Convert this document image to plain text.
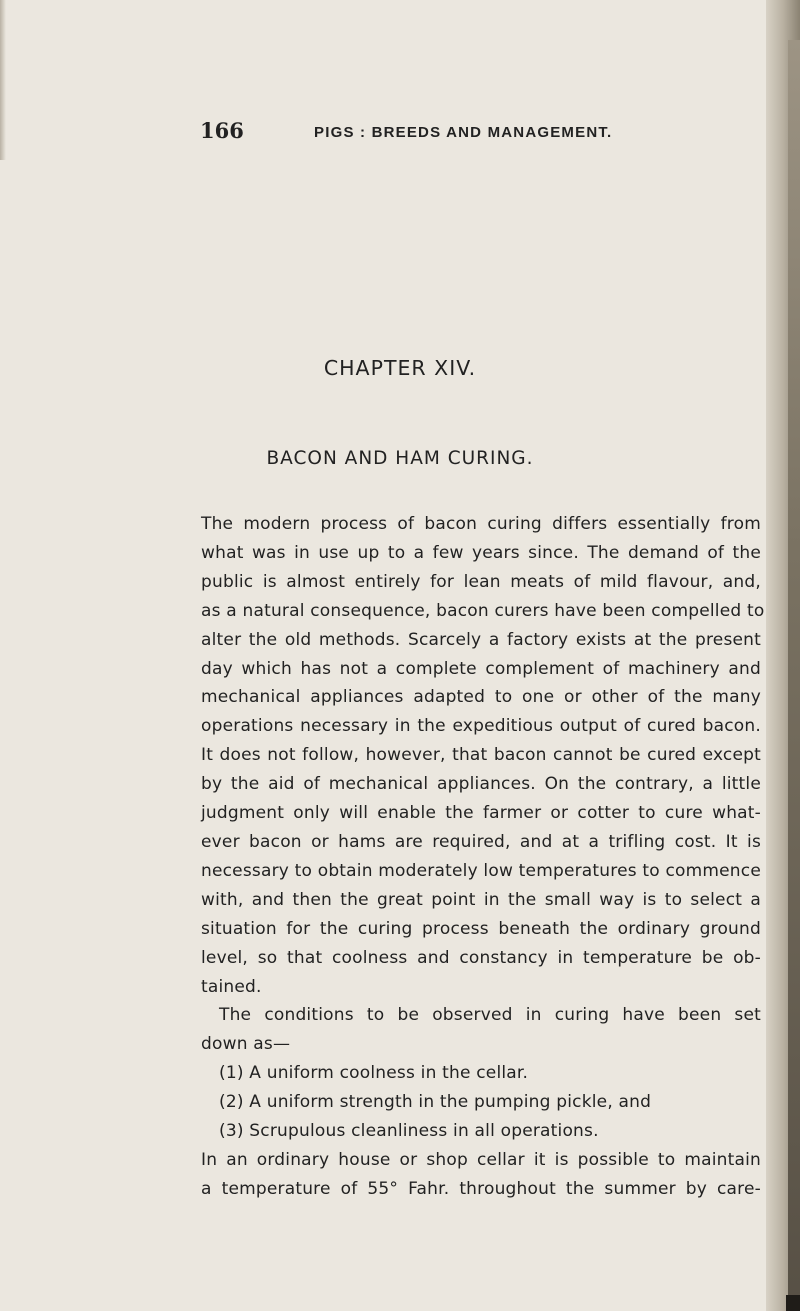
166	PIGS : BREEDS AND MANAGEMENT.
CHAPTER XIV.
BACON AND HAM CURING.
The modern process of bacon curing differs essentially from
what was in use up to a few years since. The demand of the
public is almost entirely for lean meats of mild flavour, and,
as a natural consequence, bacon curers have been compelled to
alter the old methods. Scarcely a factory exists at the present
day which has not a complete complement of machinery and
mechanical appliances adapted to one or other of the many
operations necessary in the expeditious output of cured bacon.
It does not follow, however, that bacon cannot be cured except
by the aid of mechanical appliances. On the contrary, a little
judgment only will enable the farmer or cotter to cure what-
ever bacon or hams are required, and at a trifling cost. It is
necessary to obtain moderately low temperatures to commence
with, and then the great point in the small way is to select a
situation for the curing process beneath the ordinary ground
level, so that coolness and constancy in temperature be ob-
tained.
The conditions to be observed in curing have been set
down as—
(1) A uniform coolness in the cellar.
(2) A uniform strength in the pumping pickle, and
(3) Scrupulous cleanliness in all operations.
In an ordinary house or shop cellar it is possible to maintain
a temperature of 55° Fahr. throughout the summer by care-
